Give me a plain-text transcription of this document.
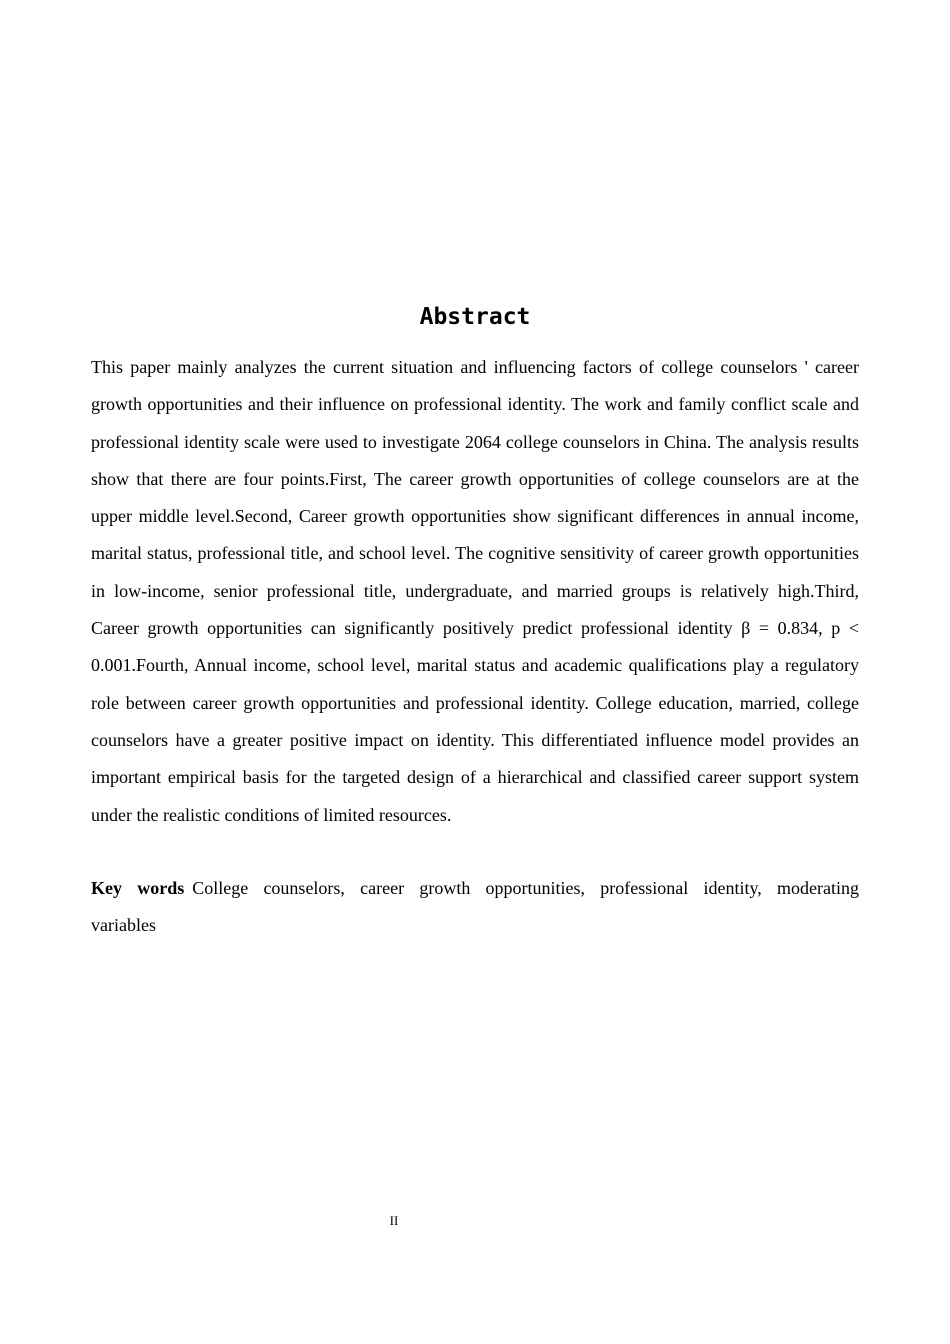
Abstract

This paper mainly analyzes the current situation and influencing factors of college counselors ' career growth opportunities and their influence on professional identity. The work and family conflict scale and professional identity scale were used to investigate 2064 college counselors in China. The analysis results show that there are four points.First, The career growth opportunities of college counselors are at the upper middle level.Second, Career growth opportunities show significant differences in annual income, marital status, professional title, and school level. The cognitive sensitivity of career growth opportunities in low-income, senior professional title, undergraduate, and married groups is relatively high.Third, Career growth opportunities can significantly positively predict professional identity β = 0.834, p < 0.001.Fourth, Annual income, school level, marital status and academic qualifications play a regulatory role between career growth opportunities and professional identity. College education, married, college counselors have a greater positive impact on identity. This differentiated influence model provides an important empirical basis for the targeted design of a hierarchical and classified career support system under the realistic conditions of limited resources.

Key words College counselors, career growth opportunities, professional identity, moderating variables

II
